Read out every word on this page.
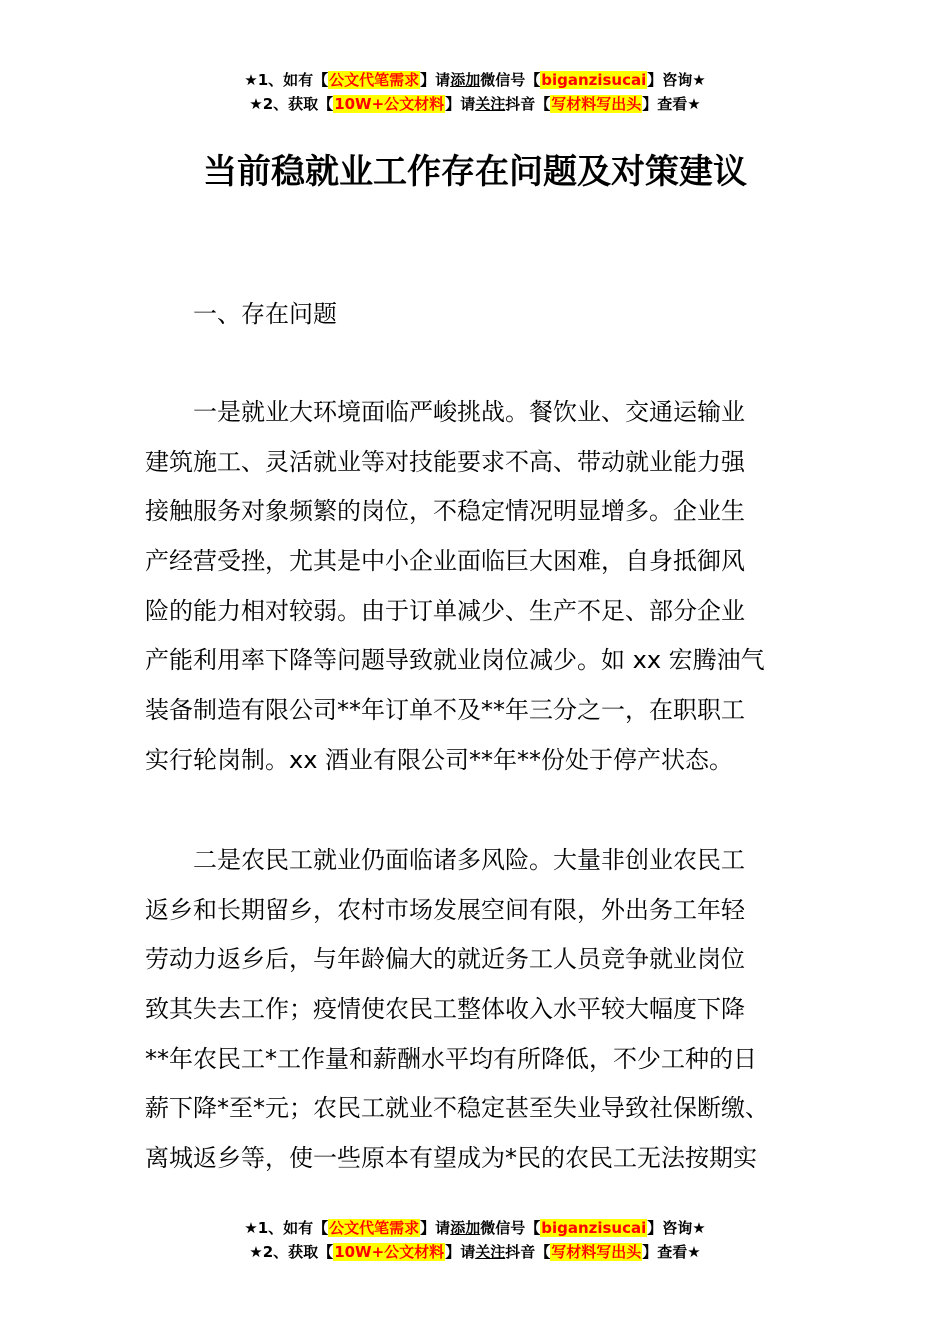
★1、如有【公文代笔需求】请添加微信号【biganzisucai】咨询★
★2、获取【10W+公文材料】请关注抖音【写材料写出头】查看★
当前稳就业工作存在问题及对策建议
一、存在问题
一是就业大环境面临严峻挑战。餐饮业、交通运输业
建筑施工、灵活就业等对技能要求不高、带动就业能力强
接触服务对象频繁的岗位，不稳定情况明显增多。企业生
产经营受挫，尤其是中小企业面临巨大困难，自身抵御风
险的能力相对较弱。由于订单减少、生产不足、部分企业
产能利用率下降等问题导致就业岗位减少。如 xx 宏腾油气
装备制造有限公司**年订单不及**年三分之一，在职职工
实行轮岗制。xx 酒业有限公司**年**份处于停产状态。
二是农民工就业仍面临诸多风险。大量非创业农民工
返乡和长期留乡，农村市场发展空间有限，外出务工年轻
劳动力返乡后，与年龄偏大的就近务工人员竞争就业岗位
致其失去工作；疫情使农民工整体收入水平较大幅度下降
**年农民工*工作量和薪酬水平均有所降低，不少工种的日
薪下降*至*元；农民工就业不稳定甚至失业导致社保断缴、
离城返乡等，使一些原本有望成为*民的农民工无法按期实
★1、如有【公文代笔需求】请添加微信号【biganzisucai】咨询★
★2、获取【10W+公文材料】请关注抖音【写材料写出头】查看★
